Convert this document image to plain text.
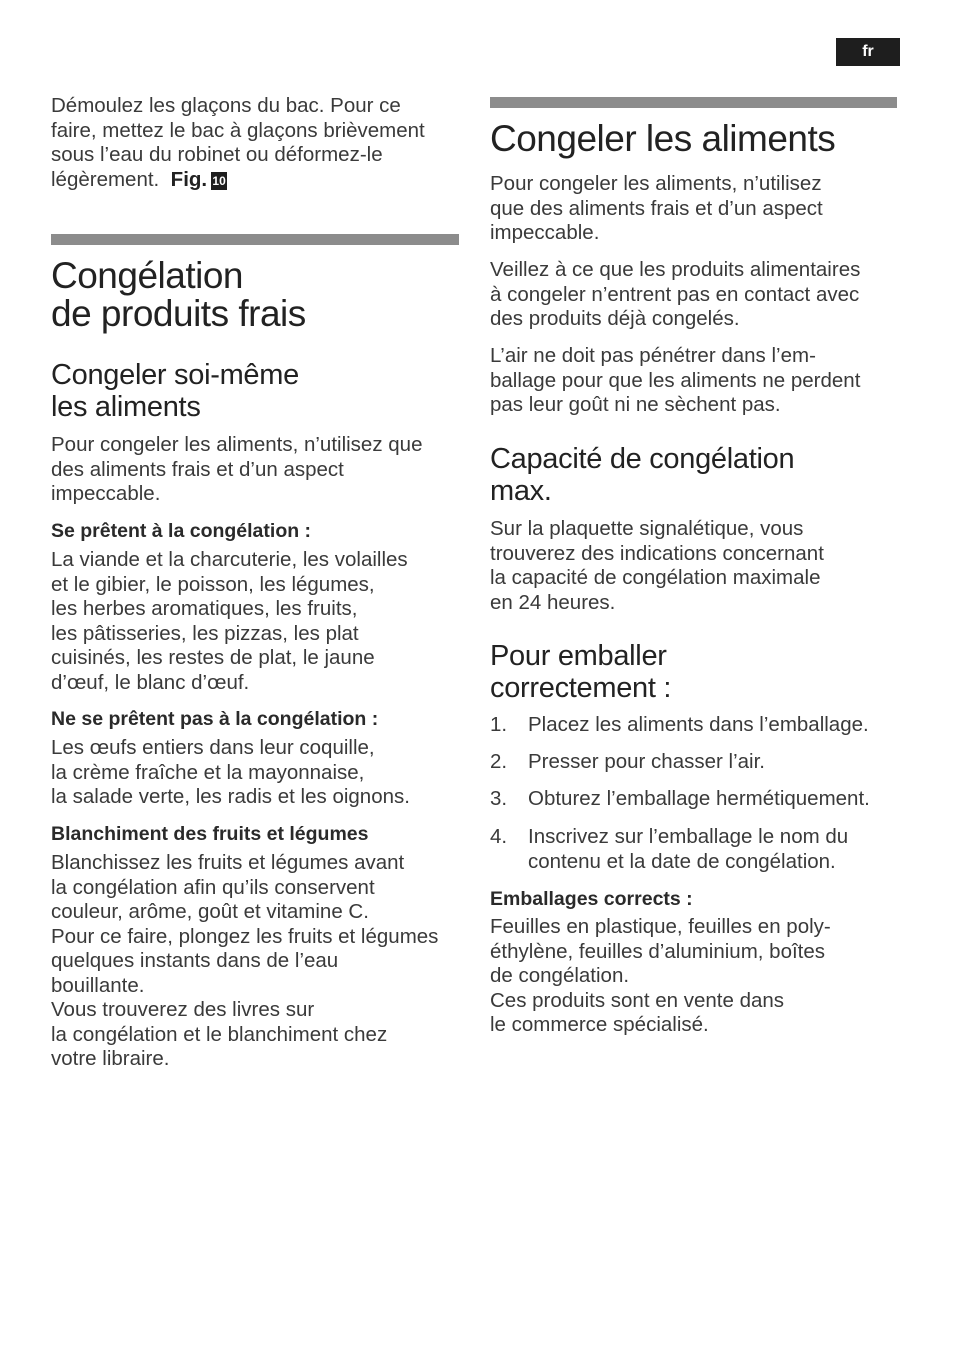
fr

Démoulez les glaçons du bac. Pour ce
faire, mettez le bac à glaçons brièvement
sous l’eau du robinet ou déformez-le
légèrement. Fig. 10

Congélation
de produits frais
Congeler soi-même
les aliments

Pour congeler les aliments, n’utilisez que
des aliments frais et d’un aspect
impeccable.

Se prêtent à la congélation :

La viande et la charcuterie, les volailles
et le gibier, le poisson, les légumes,
les herbes aromatiques, les fruits,
les pâtisseries, les pizzas, les plat
cuisinés, les restes de plat, le jaune
d’œuf, le blanc d’œuf.

Ne se prêtent pas à la congélation :

Les œufs entiers dans leur coquille,
la crème fraîche et la mayonnaise,
la salade verte, les radis et les oignons.

Blanchiment des fruits et légumes

Blanchissez les fruits et légumes avant
la congélation afin qu’ils conservent
couleur, arôme, goût et vitamine C.
Pour ce faire, plongez les fruits et légumes
quelques instants dans de l’eau
bouillante.
Vous trouverez des livres sur
la congélation et le blanchiment chez
votre libraire.

Congeler les aliments

Pour congeler les aliments, n’utilisez
que des aliments frais et d’un aspect
impeccable.

Veillez à ce que les produits alimentaires
à congeler n’entrent pas en contact avec
des produits déjà congelés.

L’air ne doit pas pénétrer dans l’em-
ballage pour que les aliments ne perdent
pas leur goût ni ne sèchent pas.

Capacité de congélation
max.

Sur la plaquette signalétique, vous
trouverez des indications concernant
la capacité de congélation maximale
en 24 heures.

Pour emballer
correctement :
1. Placez les aliments dans l’emballage.
2. Presser pour chasser l’air.
3. Obturez l’emballage hermétiquement.
4. Inscrivez sur l’emballage le nom du
contenu et la date de congélation.

Emballages corrects :

Feuilles en plastique, feuilles en poly-
éthylène, feuilles d’aluminium, boîtes
de congélation.
Ces produits sont en vente dans
le commerce spécialisé.
